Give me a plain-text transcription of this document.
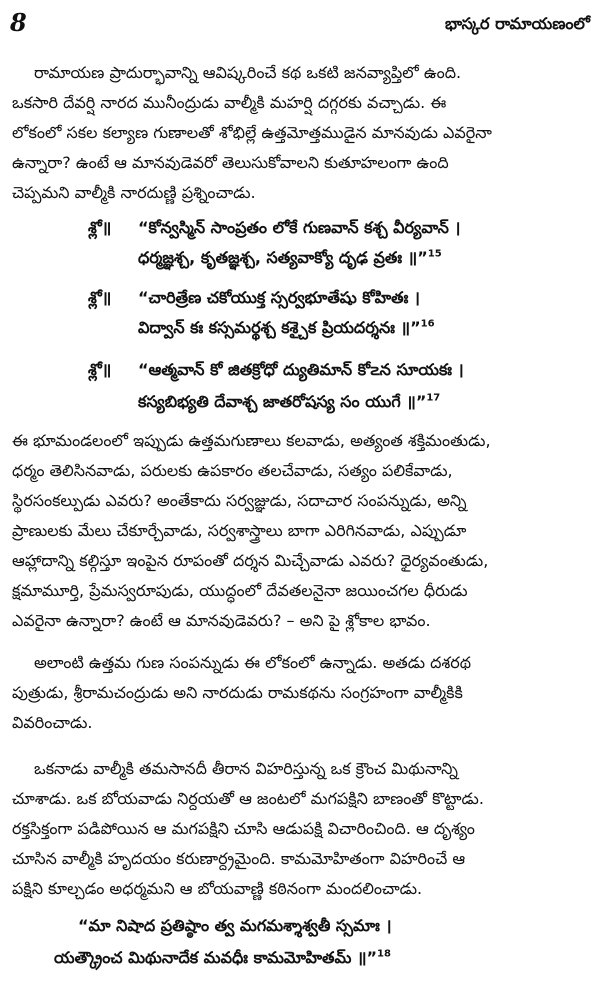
8	భాస్కర రామాయణంలో
రామాయణ ప్రాదుర్భావాన్ని ఆవిష్కరించే కథ ఒకటి జనవ్యాప్తిలో ఉంది.
ఒకసారి దేవర్షి నారద మునీంద్రుడు వాల్మీకి మహర్షి దగ్గరకు వచ్చాడు. ఈ
లోకంలో సకల కల్యాణ గుణాలతో శోభిల్లే ఉత్తమోత్తముడైన మానవుడు ఎవరైనా
ఉన్నారా? ఉంటే ఆ మానవుడెవరో తెలుసుకోవాలని కుతూహలంగా ఉంది
చెప్పమని వాల్మీకి నారదుణ్ణి ప్రశ్నించాడు.
శ్లో॥ “కోన్వస్మిన్ సాంప్రతం లోకే గుణవాన్ కశ్చ వీర్యవాన్ ।
ధర్మజ్ఞశ్చ, కృతజ్ఞశ్చ, సత్యవాక్యో దృఢ వ్రతః ॥”$^{15}$
శ్లో॥ “చారిత్రేణ చకోయుక్త స్సర్వభూతేషు కోహితః ।
విద్వాన్ కః కస్సమర్థశ్చ కశ్చైక ప్రియదర్శనః ॥”$^{16}$
శ్లో॥ “ఆత్మవాన్ కో జితక్రోధో ద్యుతిమాన్ కో౽న సూయకః ।
కస్యబిభ్యతి దేవాశ్చ జాతరోషస్య సం యుగే ॥”$^{17}$
ఈ భూమండలంలో ఇప్పుడు ఉత్తమగుణాలు కలవాడు, అత్యంత శక్తిమంతుడు,
ధర్మం తెలిసినవాడు, పరులకు ఉపకారం తలచేవాడు, సత్యం పలికేవాడు,
స్థిరసంకల్పుడు ఎవరు? అంతేకాదు సర్వజ్ఞుడు, సదాచార సంపన్నుడు, అన్ని
ప్రాణులకు మేలు చేకూర్చేవాడు, సర్వశాస్త్రాలు బాగా ఎరిగినవాడు, ఎప్పుడూ
ఆహ్లాదాన్ని కల్గిస్తూ ఇంపైన రూపంతో దర్శన మిచ్చేవాడు ఎవరు? ధైర్యవంతుడు,
క్షమామూర్తి, ప్రేమస్వరూపుడు, యుద్ధంలో దేవతలనైనా జయించగల ధీరుడు
ఎవరైనా ఉన్నారా? ఉంటే ఆ మానవుడెవరు? – అని పై శ్లోకాల భావం.
అలాంటి ఉత్తమ గుణ సంపన్నుడు ఈ లోకంలో ఉన్నాడు. అతడు దశరథ
పుత్రుడు, శ్రీరామచంద్రుడు అని నారదుడు రామకథను సంగ్రహంగా వాల్మీకికి
వివరించాడు.
ఒకనాడు వాల్మీకి తమసానదీ తీరాన విహరిస్తున్న ఒక క్రౌంచ మిథునాన్ని
చూశాడు. ఒక బోయవాడు నిర్దయతో ఆ జంటలో మగపక్షిని బాణంతో కొట్టాడు.
రక్తసిక్తంగా పడిపోయిన ఆ మగపక్షిని చూసి ఆడుపక్షి విచారించింది. ఆ దృశ్యం
చూసిన వాల్మీకి హృదయం కరుణార్ద్రమైంది. కామమోహితంగా విహరించే ఆ
పక్షిని కూల్చడం అధర్మమని ఆ బోయవాణ్ణి కఠినంగా మందలించాడు.
“మా నిషాద ప్రతిష్ఠాం త్వ మగమశ్శాశ్వతీ స్సమాః ।
యత్క్రౌంచ మిథునాదేక మవధీః కామమోహితమ్ ॥”$^{18}$
